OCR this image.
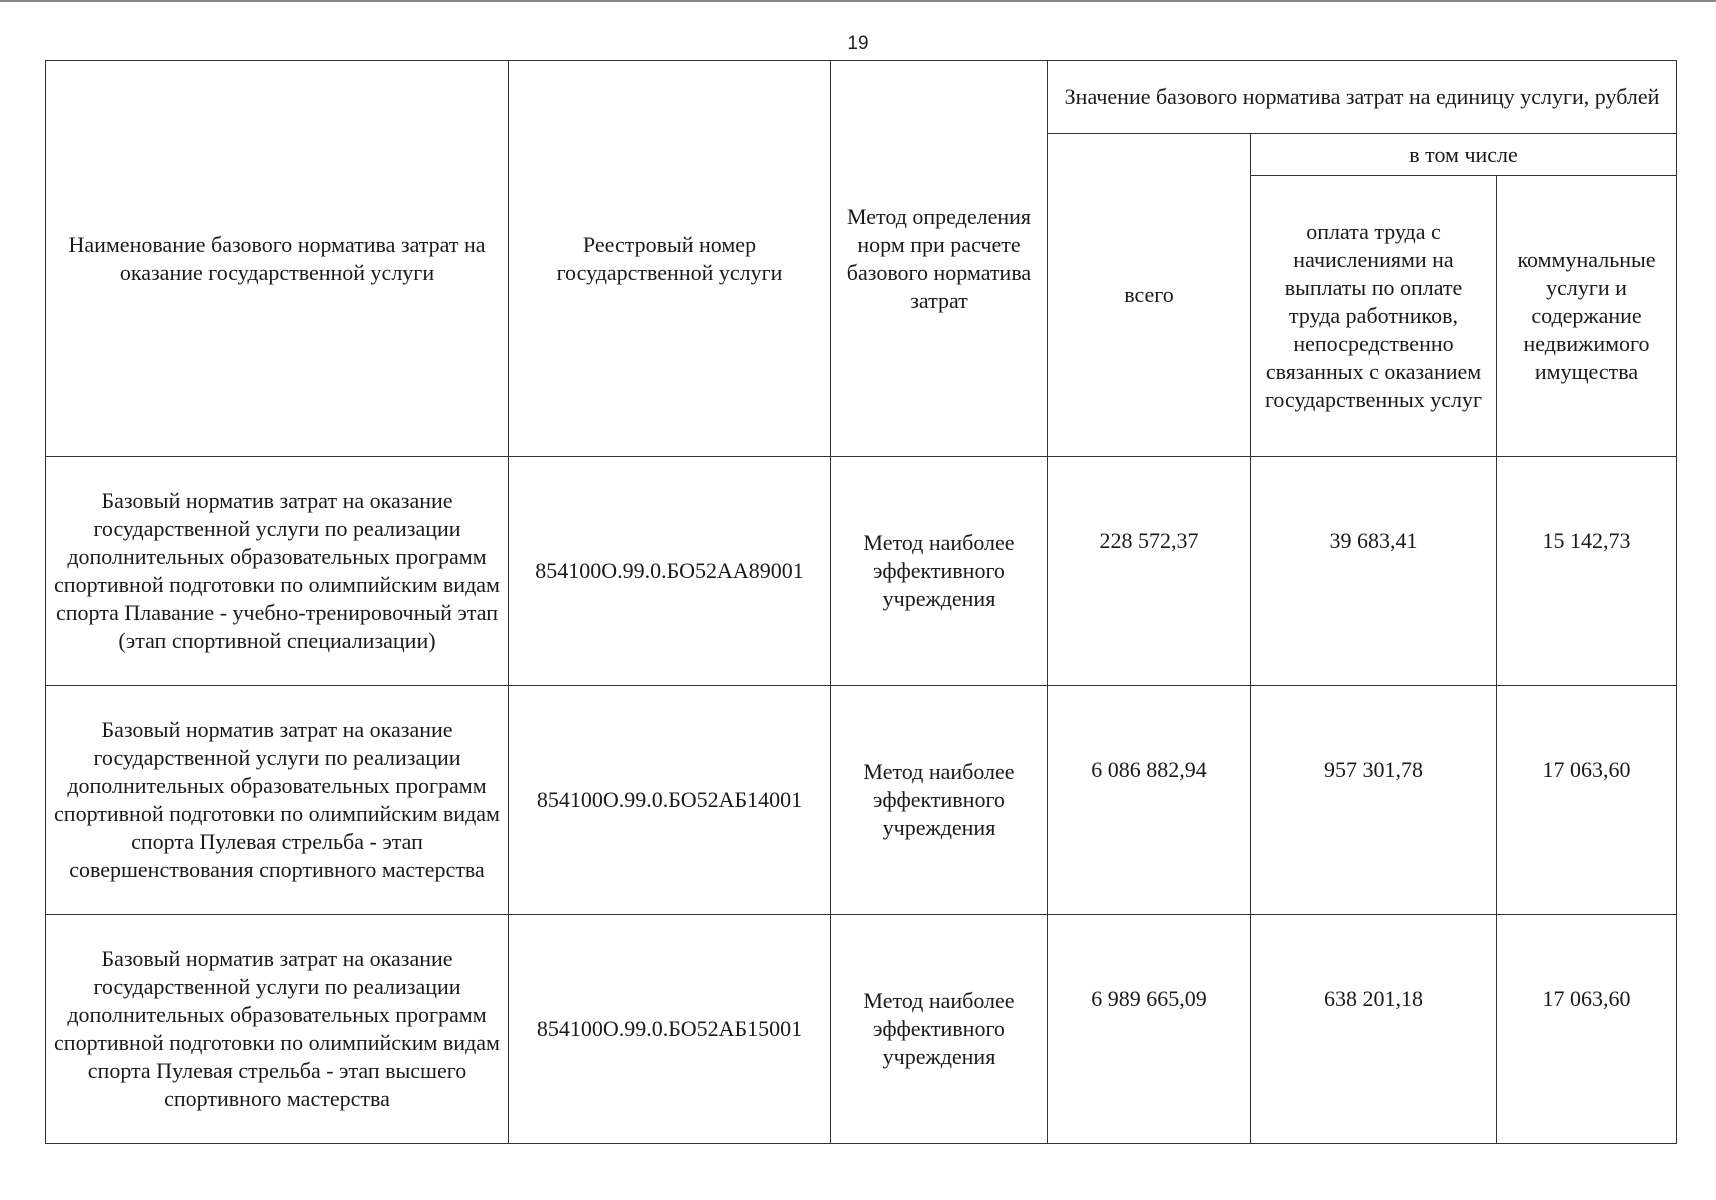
19
Наименование базового норматива затрат на оказание государственной услуги	Реестровый номер государственной услуги	Метод определения норм при расчете базового норматива затрат	Значение базового норматива затрат на единицу услуги, рублей		
			всего	в том числе	
				оплата труда с начислениями на выплаты по оплате труда работников, непосредственно связанных с оказанием государственных услуг	коммунальные услуги и содержание недвижимого имущества
Базовый норматив затрат на оказание государственной услуги по реализации дополнительных образовательных программ спортивной подготовки по олимпийским видам спорта Плавание - учебно-тренировочный этап (этап спортивной специализации)	854100О.99.0.БО52АА89001	Метод наиболее эффективного учреждения	228 572,37	39 683,41	15 142,73
Базовый норматив затрат на оказание государственной услуги по реализации дополнительных образовательных программ спортивной подготовки по олимпийским видам спорта Пулевая стрельба - этап совершенствования спортивного мастерства	854100О.99.0.БО52АБ14001	Метод наиболее эффективного учреждения	6 086 882,94	957 301,78	17 063,60
Базовый норматив затрат на оказание государственной услуги по реализации дополнительных образовательных программ спортивной подготовки по олимпийским видам спорта Пулевая стрельба - этап высшего спортивного мастерства	854100О.99.0.БО52АБ15001	Метод наиболее эффективного учреждения	6 989 665,09	638 201,18	17 063,60
